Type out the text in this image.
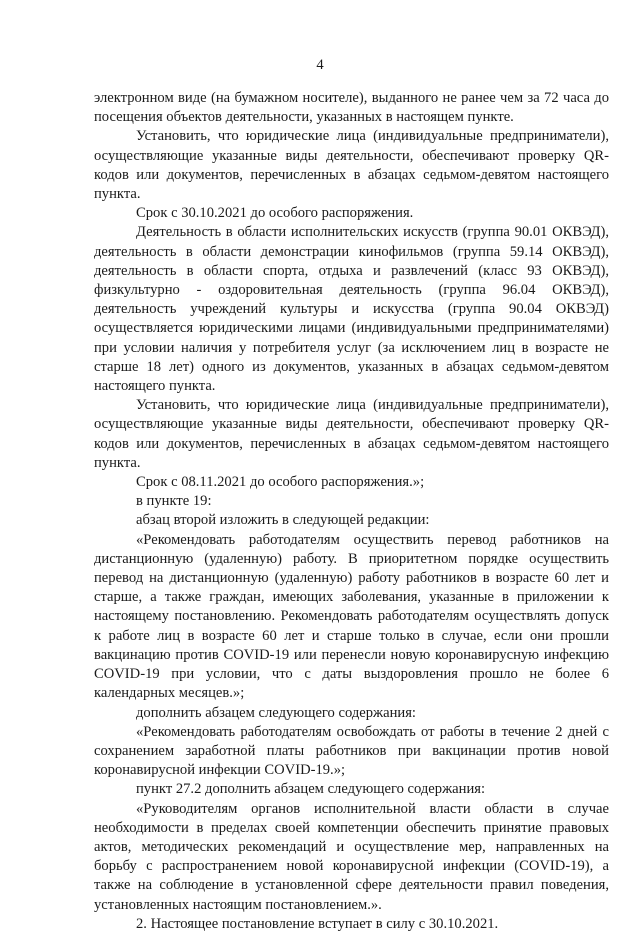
4

электронном виде (на бумажном носителе), выданного не ранее чем за 72 часа до посещения объектов деятельности, указанных в настоящем пункте.

Установить, что юридические лица (индивидуальные предприниматели), осуществляющие указанные виды деятельности, обеспечивают проверку QR-кодов или документов, перечисленных в абзацах седьмом-девятом настоящего пункта.

Срок с 30.10.2021 до особого распоряжения.

Деятельность в области исполнительских искусств (группа 90.01 ОКВЭД), деятельность в области демонстрации кинофильмов (группа 59.14 ОКВЭД), деятельность в области спорта, отдыха и развлечений (класс 93 ОКВЭД), физкультурно - оздоровительная деятельность (группа 96.04 ОКВЭД), деятельность учреждений культуры и искусства (группа 90.04 ОКВЭД) осуществляется юридическими лицами (индивидуальными предпринимателями) при условии наличия у потребителя услуг (за исключением лиц в возрасте не старше 18 лет) одного из документов, указанных в абзацах седьмом-девятом настоящего пункта.

Установить, что юридические лица (индивидуальные предприниматели), осуществляющие указанные виды деятельности, обеспечивают проверку QR-кодов или документов, перечисленных в абзацах седьмом-девятом настоящего пункта.

Срок с 08.11.2021 до особого распоряжения.»;

в пункте 19:

абзац второй изложить в следующей редакции:

«Рекомендовать работодателям осуществить перевод работников на дистанционную (удаленную) работу. В приоритетном порядке осуществить перевод на дистанционную (удаленную) работу работников в возрасте 60 лет и старше, а также граждан, имеющих заболевания, указанные в приложении к настоящему постановлению. Рекомендовать работодателям осуществлять допуск к работе лиц в возрасте 60 лет и старше только в случае, если они прошли вакцинацию против COVID-19 или перенесли новую коронавирусную инфекцию COVID-19 при условии, что с даты выздоровления прошло не более 6 календарных месяцев.»;

дополнить абзацем следующего содержания:

«Рекомендовать работодателям освобождать от работы в течение 2 дней с сохранением заработной платы работников при вакцинации против новой коронавирусной инфекции COVID-19.»;

пункт 27.2 дополнить абзацем следующего содержания:

«Руководителям органов исполнительной власти области в случае необходимости в пределах своей компетенции обеспечить принятие правовых актов, методических рекомендаций и осуществление мер, направленных на борьбу с распространением новой коронавирусной инфекции (COVID-19), а также на соблюдение в установленной сфере деятельности правил поведения, установленных настоящим постановлением.».

2. Настоящее постановление вступает в силу с 30.10.2021.
